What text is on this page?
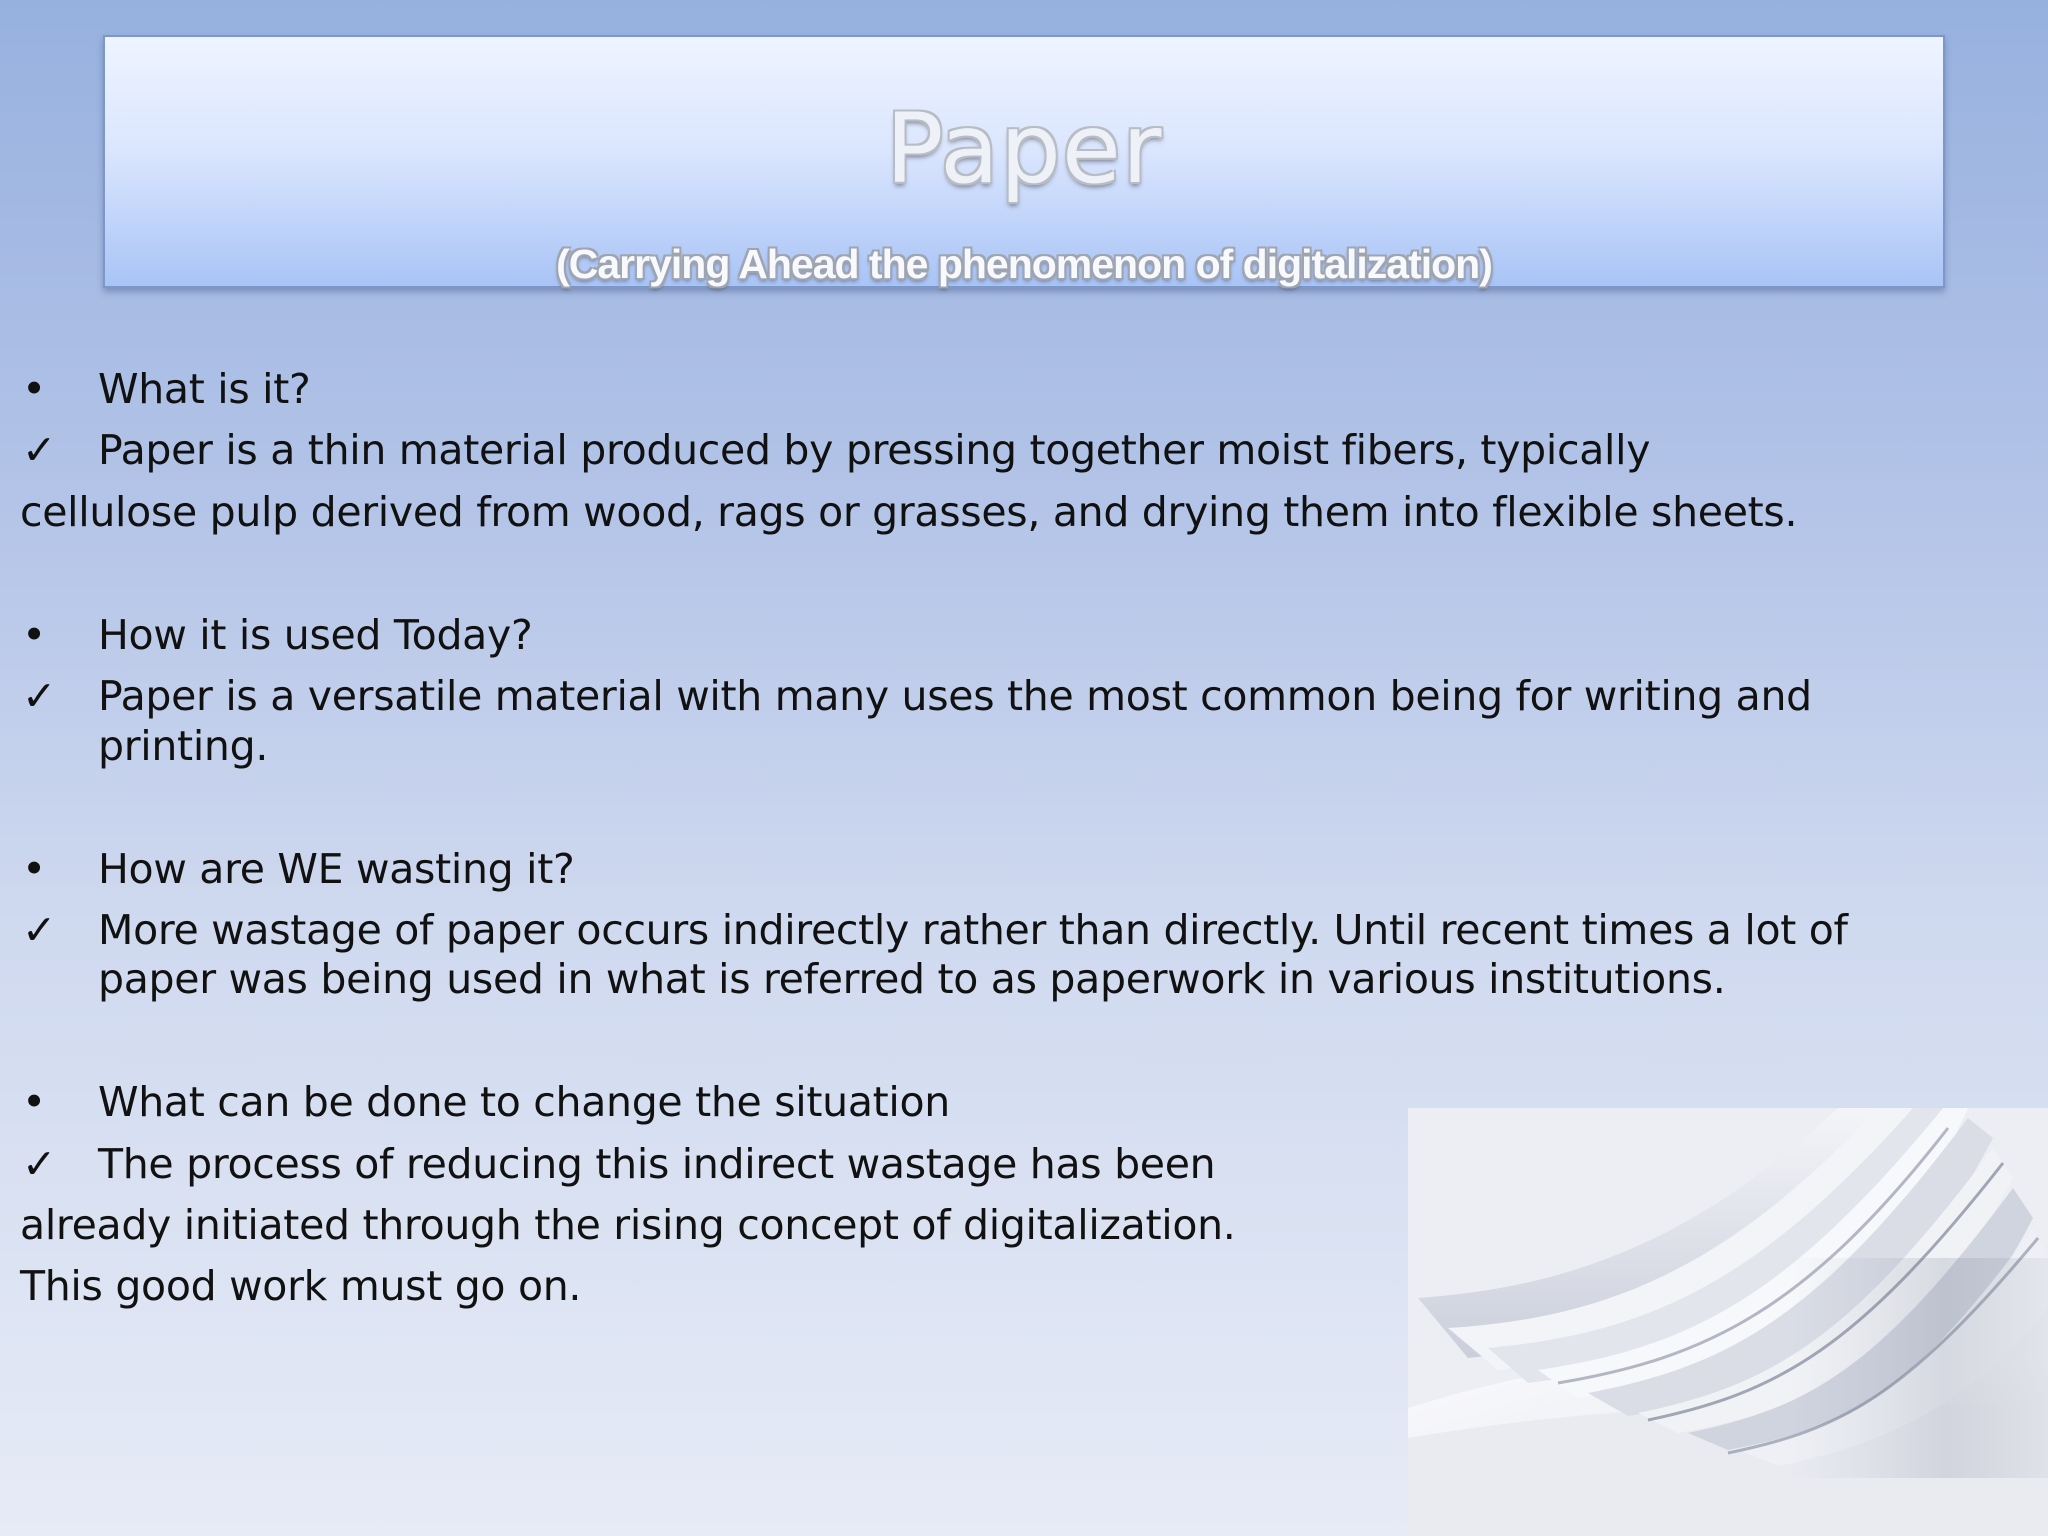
Paper
(Carrying Ahead the phenomenon of digitalization)
• What is it?
✓ Paper is a thin material produced by pressing together moist fibers, typically
cellulose pulp derived from wood, rags or grasses, and drying them into flexible sheets.
• How it is used Today?
✓ Paper is a versatile material with many uses the most common being for writing and
printing.
• How are WE wasting it?
✓ More wastage of paper occurs indirectly rather than directly. Until recent times a lot of
paper was being used in what is referred to as paperwork in various institutions.
• What can be done to change the situation
✓ The process of reducing this indirect wastage has been
already initiated through the rising concept of digitalization.
This good work must go on.
